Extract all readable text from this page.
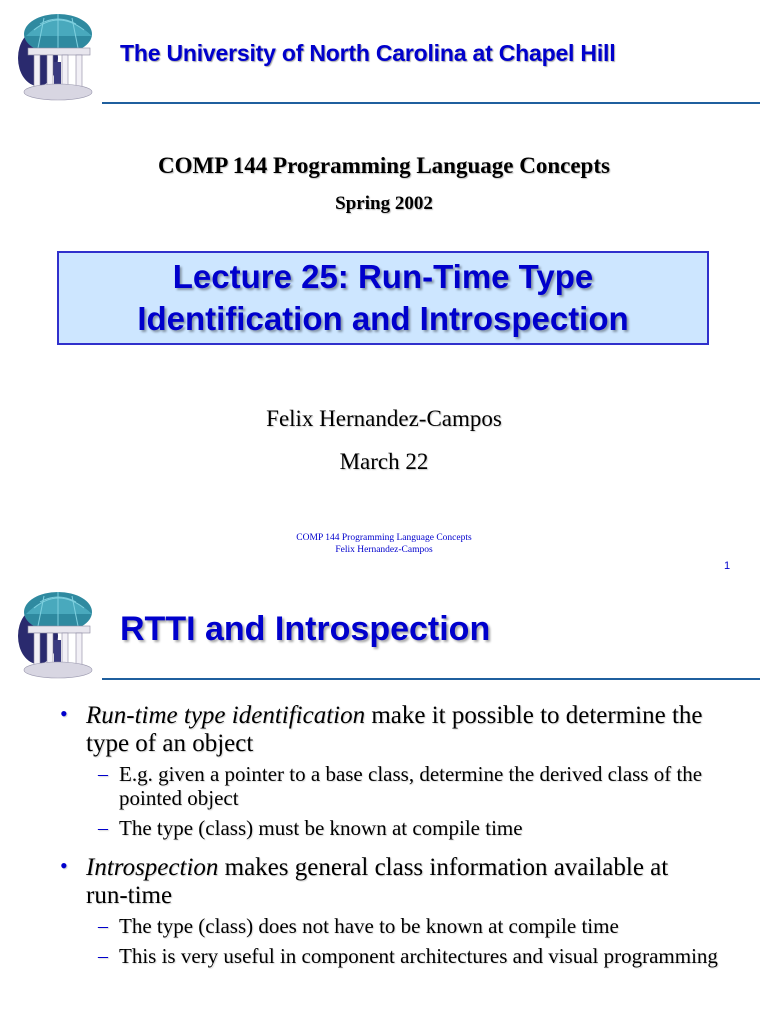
The University of North Carolina at Chapel Hill
COMP 144 Programming Language Concepts
Spring 2002
Lecture 25: Run-Time Type
Identification and Introspection
Felix Hernandez-Campos
March 22
COMP 144 Programming Language Concepts
Felix Hernandez-Campos
1
RTTI and Introspection
• Run-time type identification make it possible to determine the type of an object
– E.g. given a pointer to a base class, determine the derived class of the pointed object
– The type (class) must be known at compile time
• Introspection makes general class information available at run-time
– The type (class) does not have to be known at compile time
– This is very useful in component architectures and visual programming
